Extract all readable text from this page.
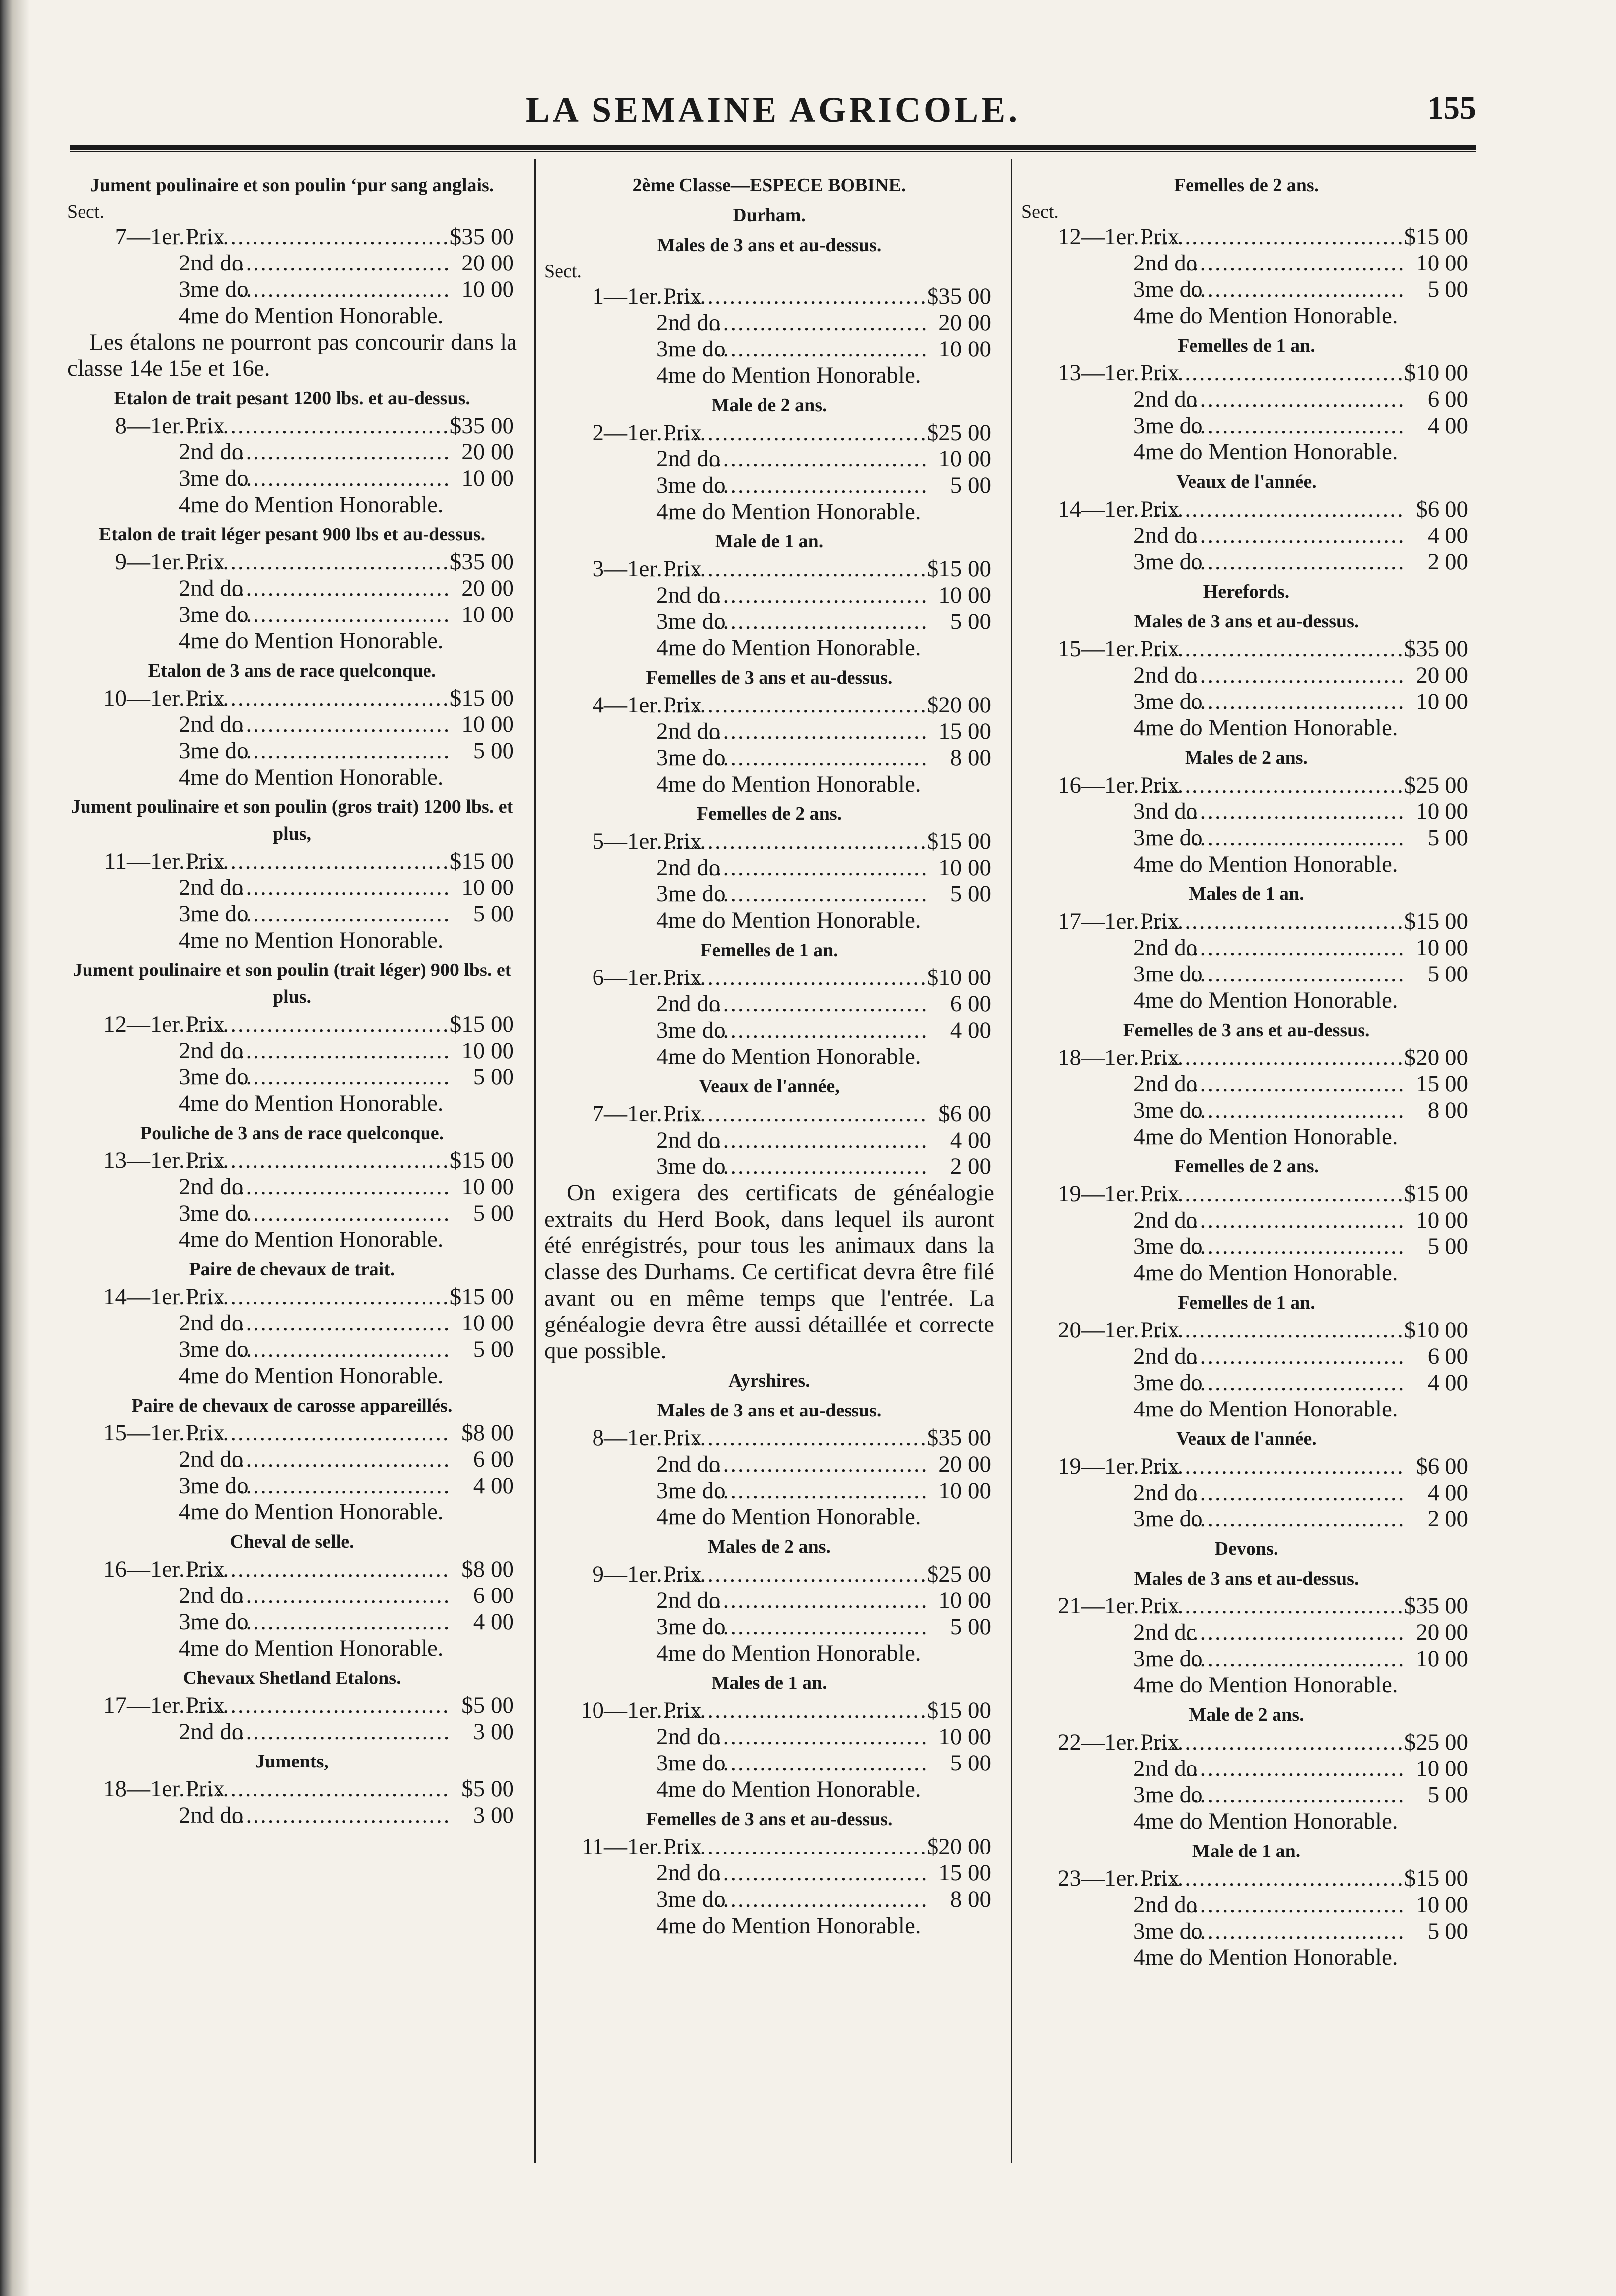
LA SEMAINE AGRICOLE.	155
Jument poulinaire et son poulin ‘pur sang anglais.
Sect.
7 —1er Prix .....	$35 00
2nd do .....	20 00
3me do .....	10 00
4me do Mention Honorable.
Les étalons ne pourront pas concourir dans la classe 14e 15e et 16e.
Etalon de trait pesant 1200 lbs. et au-dessus.
8 —1er Prix .....	$35 00
2nd do .....	20 00
3me do .....	10 00
4me do Mention Honorable.
Etalon de trait léger pesant 900 lbs et au-dessus.
9 —1er Prix .....	$35 00
2nd do .....	20 00
3me do .....	10 00
4me do Mention Honorable.
Etalon de 3 ans de race quelconque.
10 —1er Prix .....	$15 00
2nd do .....	10 00
3me do .....	5 00
4me do Mention Honorable.
Jument poulinaire et son poulin (gros trait) 1200 lbs. et plus,
11 —1er Prix .....	$15 00
2nd do .....	10 00
3me do .....	5 00
4me no Mention Honorable.
Jument poulinaire et son poulin (trait léger) 900 lbs. et plus.
12 —1er Prix .....	$15 00
2nd do .....	10 00
3me do .....	5 00
4me do Mention Honorable.
Pouliche de 3 ans de race quelconque.
13 —1er Prix .....	$15 00
2nd do .....	10 00
3me do .....	5 00
4me do Mention Honorable.
Paire de chevaux de trait.
14 —1er Prix .....	$15 00
2nd do .....	10 00
3me do .....	5 00
4me do Mention Honorable.
Paire de chevaux de carosse appareillés.
15 —1er Prix .....	$8 00
2nd do .....	6 00
3me do .....	4 00
4me do Mention Honorable.
Cheval de selle.
16 —1er Prix .....	$8 00
2nd do .....	6 00
3me do .....	4 00
4me do Mention Honorable.
Chevaux Shetland Etalons.
17 —1er Prix .....	$5 00
2nd do .....	3 00
Juments,
18 —1er Prix .....	$5 00
2nd do .....	3 00
2ème Classe—ESPECE BOBINE.
Durham.
Males de 3 ans et au-dessus.
Sect.
1 —1er Prix .....	$35 00
2nd do .....	20 00
3me do .....	10 00
4me do Mention Honorable.
Male de 2 ans.
2 —1er Prix .....	$25 00
2nd do .....	10 00
3me do .....	5 00
4me do Mention Honorable.
Male de 1 an.
3 —1er Prix .....	$15 00
2nd do .....	10 00
3me do .....	5 00
4me do Mention Honorable.
Femelles de 3 ans et au-dessus.
4 —1er Prix .....	$20 00
2nd do .....	15 00
3me do .....	8 00
4me do Mention Honorable.
Femelles de 2 ans.
5 —1er Prix .....	$15 00
2nd do .....	10 00
3me do .....	5 00
4me do Mention Honorable.
Femelles de 1 an.
6 —1er Prix .....	$10 00
2nd do .....	6 00
3me do .....	4 00
4me do Mention Honorable.
Veaux de l'année,
7 —1er Prix .....	$6 00
2nd do .....	4 00
3me do .....	2 00
On exigera des certificats de généalogie extraits du Herd Book, dans lequel ils auront été enrégistrés, pour tous les animaux dans la classe des Durhams. Ce certificat devra être filé avant ou en même temps que l'entrée. La généalogie devra être aussi détaillée et correcte que possible.
Ayrshires.
Males de 3 ans et au-dessus.
8 —1er Prix .....	$35 00
2nd do .....	20 00
3me do .....	10 00
4me do Mention Honorable.
Males de 2 ans.
9 —1er Prix .....	$25 00
2nd do .....	10 00
3me do .....	5 00
4me do Mention Honorable.
Males de 1 an.
10 —1er Prix .....	$15 00
2nd do .....	10 00
3me do .....	5 00
4me do Mention Honorable.
Femelles de 3 ans et au-dessus.
11 —1er Prix .....	$20 00
2nd do .....	15 00
3me do .....	8 00
4me do Mention Honorable.
Femelles de 2 ans.
Sect.
12 —1er Prix .....	$15 00
2nd do .....	10 00
3me do .....	5 00
4me do Mention Honorable.
Femelles de 1 an.
13 —1er Prix .....	$10 00
2nd do .....	6 00
3me do .....	4 00
4me do Mention Honorable.
Veaux de l'année.
14 —1er Prix .....	$6 00
2nd do .....	4 00
3me do .....	2 00
Herefords.
Males de 3 ans et au-dessus.
15 —1er Prix .....	$35 00
2nd do .....	20 00
3me do .....	10 00
4me do Mention Honorable.
Males de 2 ans.
16 —1er Prix .....	$25 00
3nd do .....	10 00
3me do .....	5 00
4me do Mention Honorable.
Males de 1 an.
17 —1er Prix .....	$15 00
2nd do .....	10 00
3me do .....	5 00
4me do Mention Honorable.
Femelles de 3 ans et au-dessus.
18 —1er Prix .....	$20 00
2nd do .....	15 00
3me do .....	8 00
4me do Mention Honorable.
Femelles de 2 ans.
19 —1er Prix .....	$15 00
2nd do .....	10 00
3me do .....	5 00
4me do Mention Honorable.
Femelles de 1 an.
20 —1er Prix .....	$10 00
2nd do .....	6 00
3me do .....	4 00
4me do Mention Honorable.
Veaux de l'année.
19 —1er Prix .....	$6 00
2nd do .....	4 00
3me do .....	2 00
Devons.
Males de 3 ans et au-dessus.
21 —1er Prix .....	$35 00
2nd dc .....	20 00
3me do .....	10 00
4me do Mention Honorable.
Male de 2 ans.
22 —1er Prix .....	$25 00
2nd do .....	10 00
3me do .....	5 00
4me do Mention Honorable.
Male de 1 an.
23 —1er Prix .....	$15 00
2nd do .....	10 00
3me do .....	5 00
4me do Mention Honorable.
